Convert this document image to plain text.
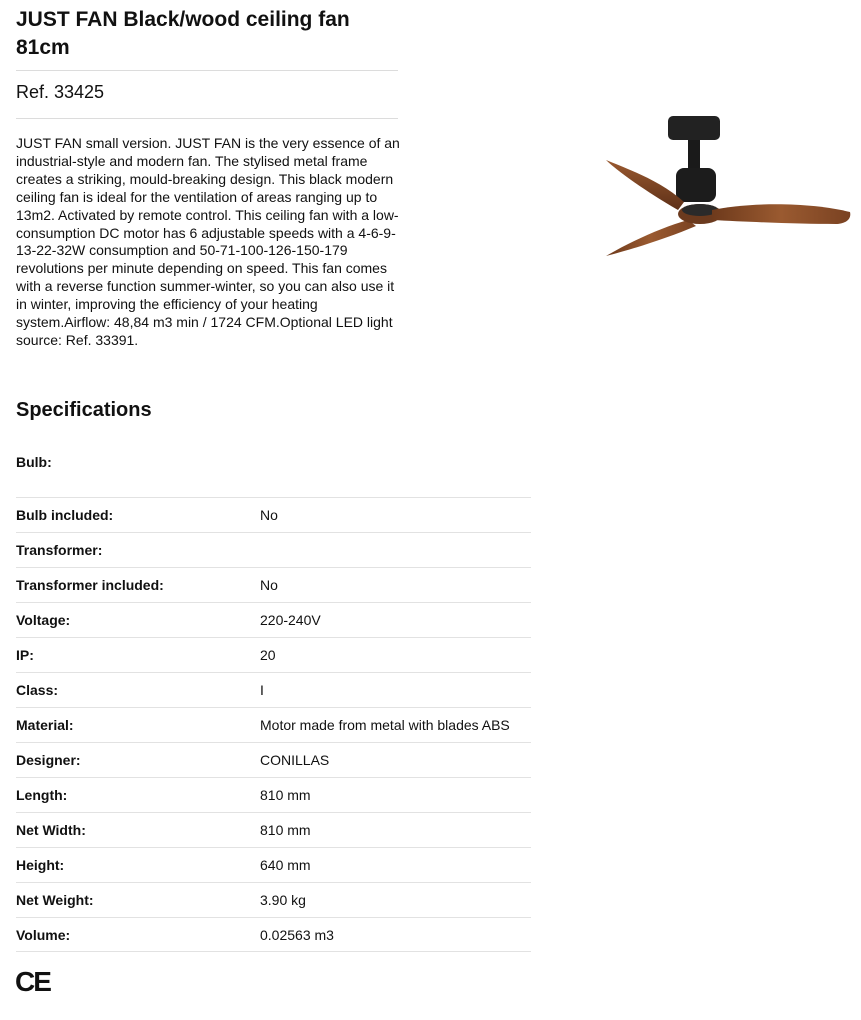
JUST FAN Black/wood ceiling fan 81cm
Ref. 33425

JUST FAN small version. JUST FAN is the very essence of an industrial-style and modern fan. The stylised metal frame creates a striking, mould-breaking design. This black modern ceiling fan is ideal for the ventilation of areas ranging up to 13m2. Activated by remote control. This ceiling fan with a low-consumption DC motor has 6 adjustable speeds with a 4-6-9-13-22-32W consumption and 50-71-100-126-150-179 revolutions per minute depending on speed. This fan comes with a reverse function summer-winter, so you can also use it in winter, improving the efficiency of your heating system.Airflow: 48,84 m3 min / 1724 CFM.Optional LED light source: Ref. 33391.

Specifications
Bulb:
Bulb included:	No
Transformer:
Transformer included:	No
Voltage:	220-240V
IP:	20
Class:	I
Material:	Motor made from metal with blades ABS
Designer:	CONILLAS
Length:	810 mm
Net Width:	810 mm
Height:	640 mm
Net Weight:	3.90 kg
Volume:	0.02563 m3
CE
